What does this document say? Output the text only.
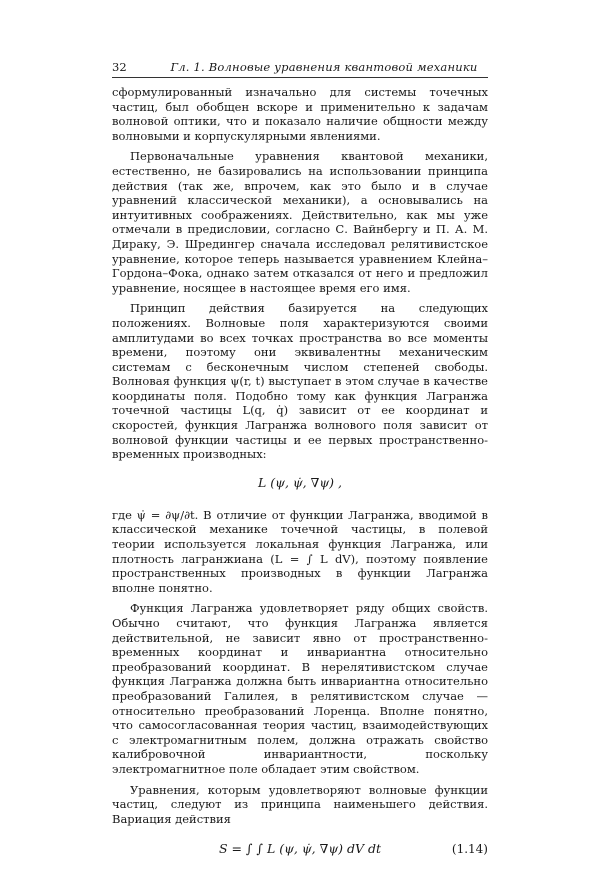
32	Гл. 1. Волновые уравнения квантовой механики

сформулированный изначально для системы точечных частиц, был обобщен вскоре и применительно к задачам волновой оптики, что и показало наличие общности между волновыми и корпускулярными явлениями.

Первоначальные уравнения квантовой механики, естественно, не базировались на использовании принципа действия (так же, впрочем, как это было и в случае уравнений классической механики), а основывались на интуитивных соображениях. Действительно, как мы уже отмечали в предисловии, согласно С. Вайнбергу и П. А. М. Дираку, Э. Шредингер сначала исследовал релятивистское уравнение, которое теперь называется уравнением Клейна–Гордона–Фока, однако затем отказался от него и предложил уравнение, носящее в настоящее время его имя.

Принцип действия базируется на следующих положениях. Волновые поля характеризуются своими амплитудами во всех точках пространства во все моменты времени, поэтому они эквивалентны механическим системам с бесконечным числом степеней свободы. Волновая функция ψ(r, t) выступает в этом случае в качестве координаты поля. Подобно тому как функция Лагранжа точечной частицы L(q, q̇) зависит от ее координат и скоростей, функция Лагранжа волнового поля зависит от волновой функции частицы и ее первых пространственно-временных производных:

L (ψ, ψ̇, ∇ψ) ,

где ψ̇ = ∂ψ/∂t. В отличие от функции Лагранжа, вводимой в классической механике точечной частицы, в полевой теории используется локальная функция Лагранжа, или плотность лагранжиана (L = ∫ L dV), поэтому появление пространственных производных в функции Лагранжа вполне понятно.

Функция Лагранжа удовлетворяет ряду общих свойств. Обычно считают, что функция Лагранжа является действительной, не зависит явно от пространственно-временных координат и инвариантна относительно преобразований координат. В нерелятивистском случае функция Лагранжа должна быть инвариантна относительно преобразований Галилея, в релятивистском случае — относительно преобразований Лоренца. Вполне понятно, что самосогласованная теория частиц, взаимодействующих с электромагнитным полем, должна отражать свойство калибровочной инвариантности, поскольку электромагнитное поле обладает этим свойством.

Уравнения, которым удовлетворяют волновые функции частиц, следуют из принципа наименьшего действия. Вариация действия

S = ∫ ∫ L (ψ, ψ̇, ∇ψ) dV dt	(1.14)
